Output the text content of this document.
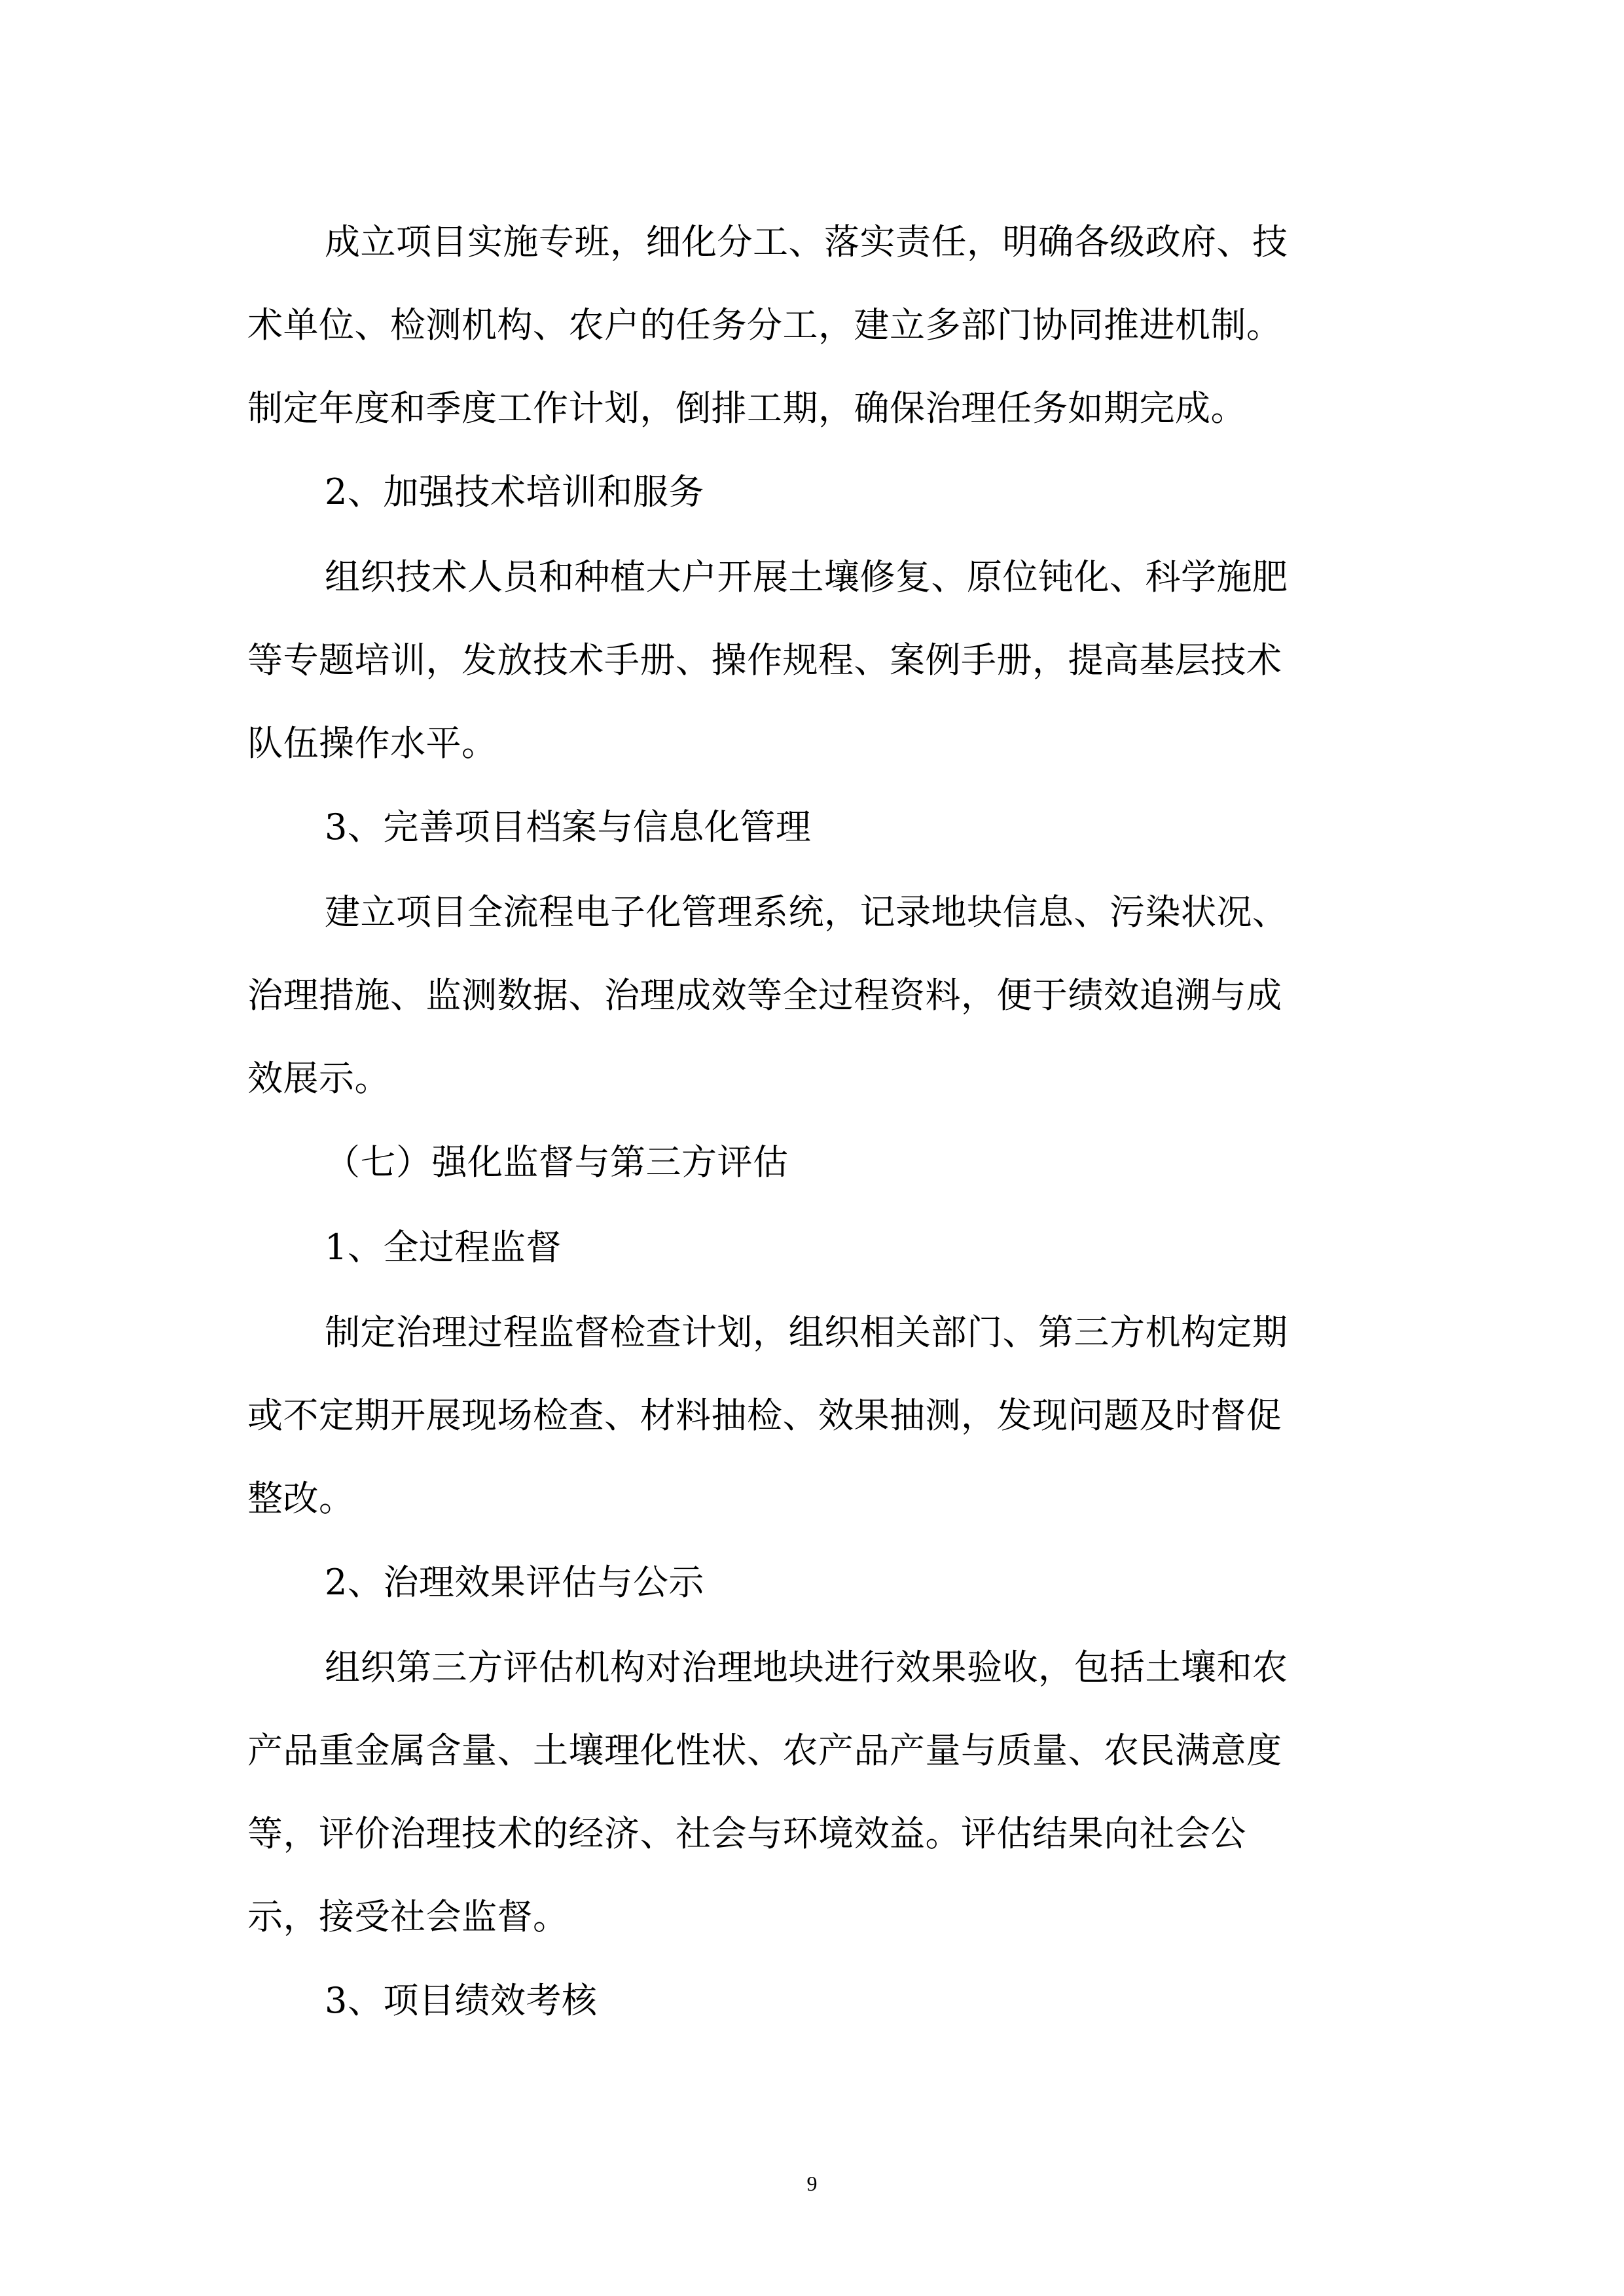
成立项目实施专班，细化分工、落实责任，明确各级政府、技
术单位、检测机构、农户的任务分工，建立多部门协同推进机制。
制定年度和季度工作计划，倒排工期，确保治理任务如期完成。
2、加强技术培训和服务
组织技术人员和种植大户开展土壤修复、原位钝化、科学施肥
等专题培训，发放技术手册、操作规程、案例手册，提高基层技术
队伍操作水平。
3、完善项目档案与信息化管理
建立项目全流程电子化管理系统，记录地块信息、污染状况、
治理措施、监测数据、治理成效等全过程资料，便于绩效追溯与成
效展示。
（七）强化监督与第三方评估
1、全过程监督
制定治理过程监督检查计划，组织相关部门、第三方机构定期
或不定期开展现场检查、材料抽检、效果抽测，发现问题及时督促
整改。
2、治理效果评估与公示
组织第三方评估机构对治理地块进行效果验收，包括土壤和农
产品重金属含量、土壤理化性状、农产品产量与质量、农民满意度
等，评价治理技术的经济、社会与环境效益。评估结果向社会公
示，接受社会监督。
3、项目绩效考核
9
